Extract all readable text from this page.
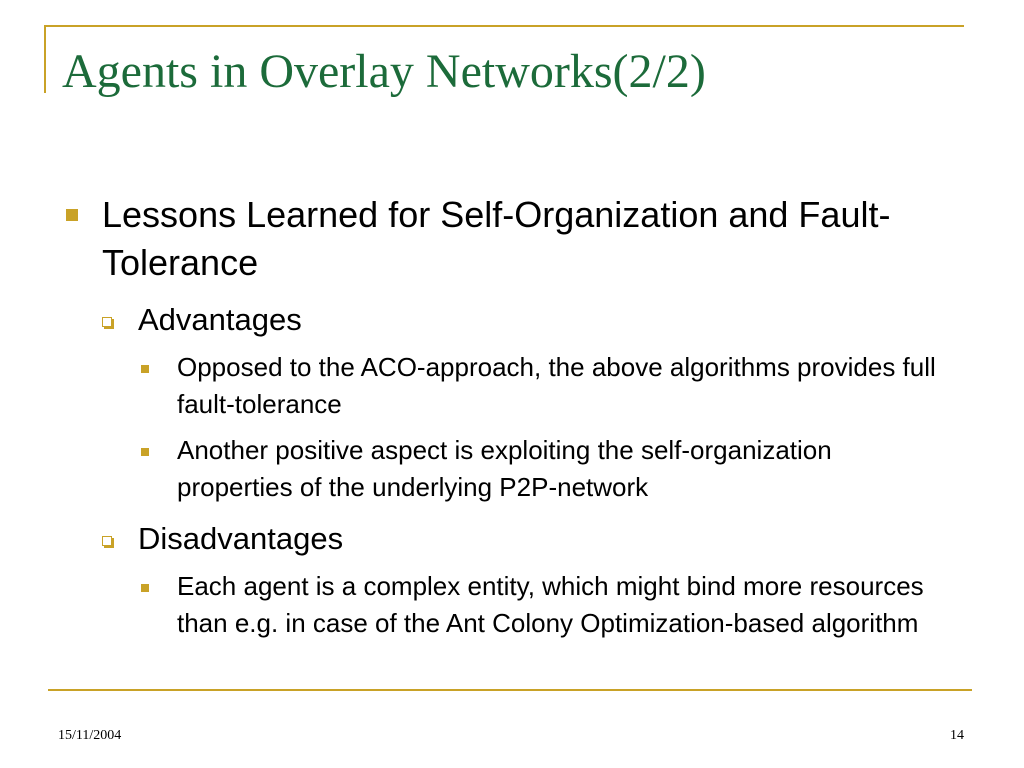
Agents in Overlay Networks(2/2)

Lessons Learned for Self-Organization and Fault-Tolerance

Advantages

Opposed to the ACO-approach, the above algorithms provides full fault-tolerance

Another positive aspect is exploiting the self-organization properties of the underlying P2P-network

Disadvantages

Each agent is a complex entity, which might bind more resources than e.g. in case of the Ant Colony Optimization-based algorithm

15/11/2004	14
